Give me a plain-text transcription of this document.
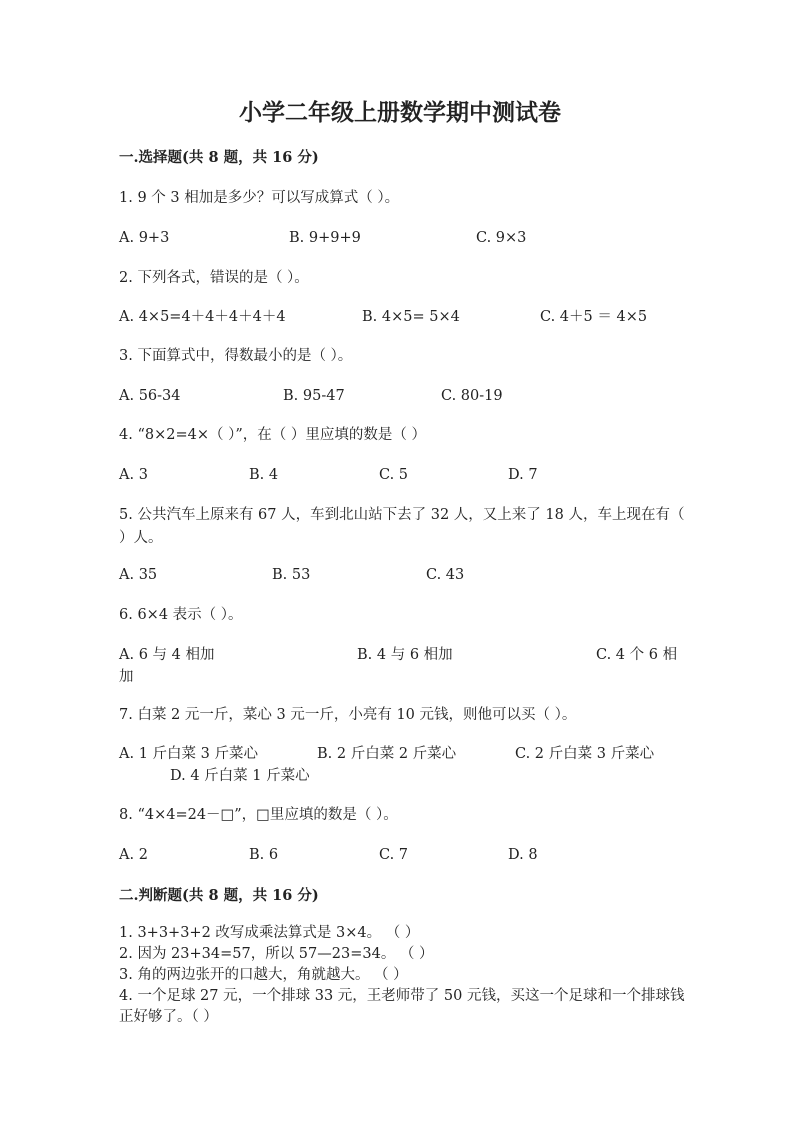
小学二年级上册数学期中测试卷
一.选择题(共 8 题，共 16 分)
1. 9 个 3 相加是多少？可以写成算式（ ）。
A. 9+3	B. 9+9+9	C. 9×3
2. 下列各式，错误的是（ ）。
A. 4×5=4＋4＋4＋4＋4	B. 4×5= 5×4	C. 4＋5 ＝ 4×5
3. 下面算式中，得数最小的是（ ）。
A. 56-34	B. 95-47	C. 80-19
4. “8×2=4×（ ）”，在（ ）里应填的数是（ ）
A. 3	B. 4	C. 5	D. 7
5. 公共汽车上原来有 67 人，车到北山站下去了 32 人，又上来了 18 人，车上现在有（ ）人。
A. 35	B. 53	C. 43
6. 6×4 表示（ ）。
A. 6 与 4 相加	B. 4 与 6 相加	C. 4 个 6 相
加
7. 白菜 2 元一斤，菜心 3 元一斤，小亮有 10 元钱，则他可以买（ ）。
A. 1 斤白菜 3 斤菜心	B. 2 斤白菜 2 斤菜心	C. 2 斤白菜 3 斤菜心
D. 4 斤白菜 1 斤菜心
8. “4×4=24－□”，□里应填的数是（ ）。
A. 2	B. 6	C. 7	D. 8
二.判断题(共 8 题，共 16 分)
1. 3+3+3+2 改写成乘法算式是 3×4。 （ ）
2. 因为 23+34=57，所以 57—23=34。 （ ）
3. 角的两边张开的口越大，角就越大。 （ ）
4. 一个足球 27 元，一个排球 33 元，王老师带了 50 元钱，买这一个足球和一个排球钱正好够了。（ ）
